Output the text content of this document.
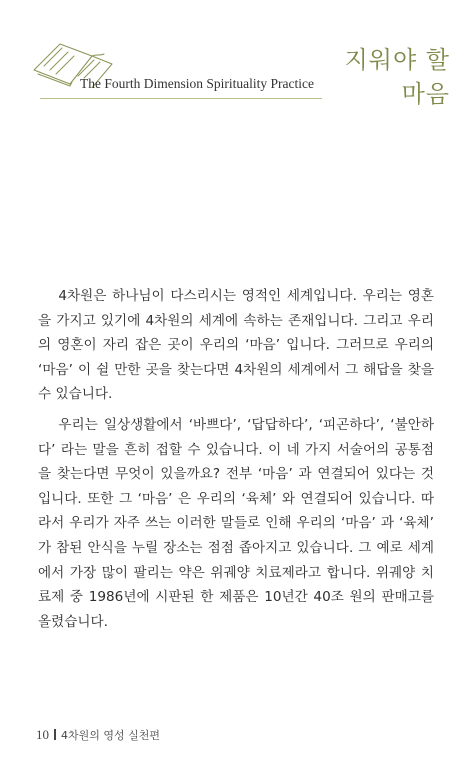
지워야 할
마음
The Fourth Dimension Spirituality Practice

4차원은 하나님이 다스리시는 영적인 세계입니다. 우리는 영혼을 가지고 있기에 4차원의 세계에 속하는 존재입니다. 그리고 우리의 영혼이 자리 잡은 곳이 우리의 ‘마음’ 입니다. 그러므로 우리의 ‘마음’ 이 쉴 만한 곳을 찾는다면 4차원의 세계에서 그 해답을 찾을 수 있습니다.

우리는 일상생활에서 ‘바쁘다’, ‘답답하다’, ‘피곤하다’, ‘불안하다’ 라는 말을 흔히 접할 수 있습니다. 이 네 가지 서술어의 공통점을 찾는다면 무엇이 있을까요? 전부 ‘마음’ 과 연결되어 있다는 것입니다. 또한 그 ‘마음’ 은 우리의 ‘육체’ 와 연결되어 있습니다. 따라서 우리가 자주 쓰는 이러한 말들로 인해 우리의 ‘마음’ 과 ‘육체’ 가 참된 안식을 누릴 장소는 점점 좁아지고 있습니다. 그 예로 세계에서 가장 많이 팔리는 약은 위궤양 치료제라고 합니다. 위궤양 치료제 중 1986년에 시판된 한 제품은 10년간 40조 원의 판매고를 올렸습니다.

10 4차원의 영성 실천편
